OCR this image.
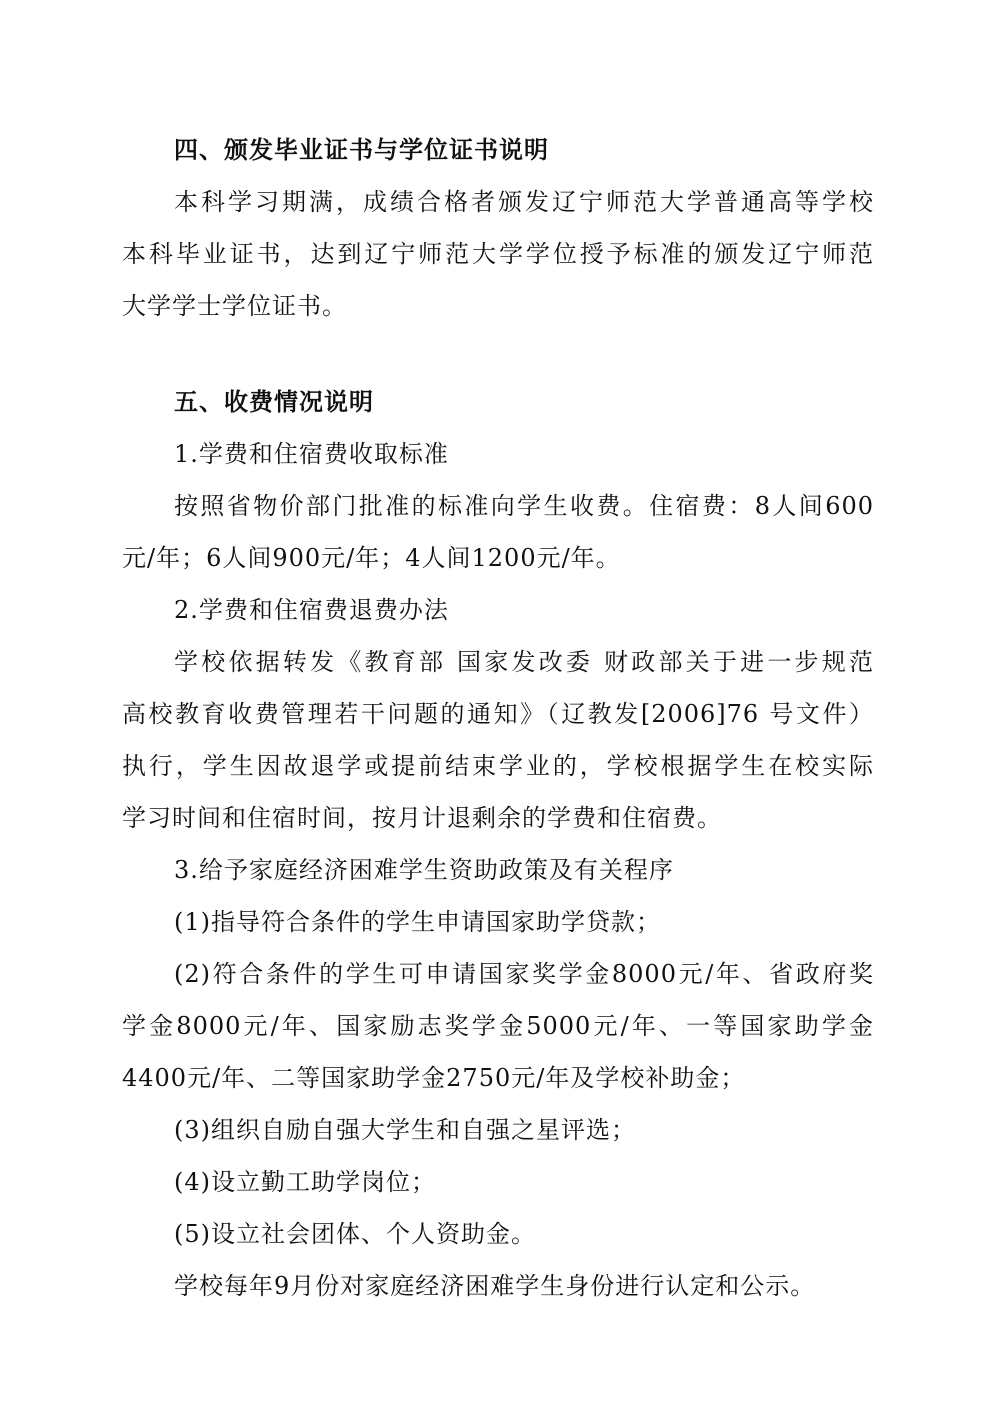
四、颁发毕业证书与学位证书说明
本科学习期满，成绩合格者颁发辽宁师范大学普通高等学校
本科毕业证书，达到辽宁师范大学学位授予标准的颁发辽宁师范
大学学士学位证书。
五、收费情况说明
1.学费和住宿费收取标准
按照省物价部门批准的标准向学生收费。住宿费：8人间600
元/年；6人间900元/年；4人间1200元/年。
2.学费和住宿费退费办法
学校依据转发《教育部 国家发改委 财政部关于进一步规范
高校教育收费管理若干问题的通知》（辽教发[2006]76 号文件）
执行，学生因故退学或提前结束学业的，学校根据学生在校实际
学习时间和住宿时间，按月计退剩余的学费和住宿费。
3.给予家庭经济困难学生资助政策及有关程序
(1)指导符合条件的学生申请国家助学贷款；
(2)符合条件的学生可申请国家奖学金8000元/年、省政府奖
学金8000元/年、国家励志奖学金5000元/年、一等国家助学金
4400元/年、二等国家助学金2750元/年及学校补助金；
(3)组织自励自强大学生和自强之星评选；
(4)设立勤工助学岗位；
(5)设立社会团体、个人资助金。
学校每年9月份对家庭经济困难学生身份进行认定和公示。
